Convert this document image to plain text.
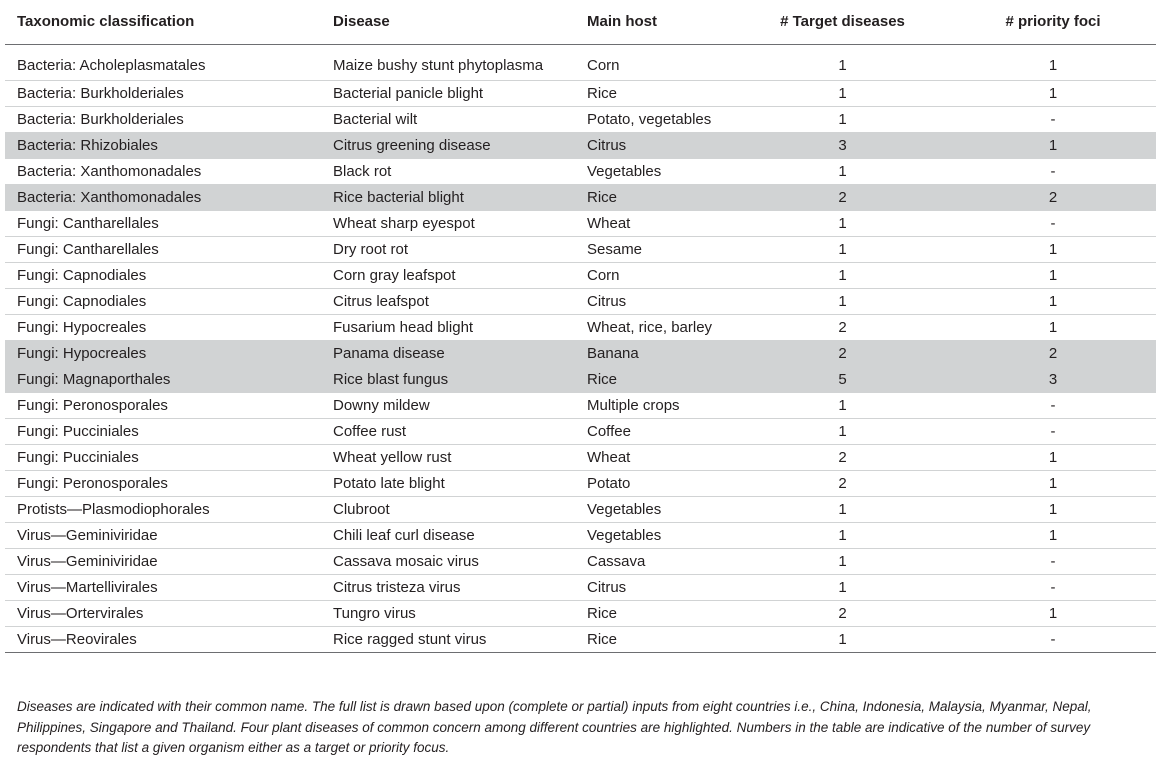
Taxonomic classification	Disease	Main host	# Target diseases	# priority foci
Bacteria: Acholeplasmatales	Maize bushy stunt phytoplasma	Corn	1	1
Bacteria: Burkholderiales	Bacterial panicle blight	Rice	1	1
Bacteria: Burkholderiales	Bacterial wilt	Potato, vegetables	1	-
Bacteria: Rhizobiales	Citrus greening disease	Citrus	3	1
Bacteria: Xanthomonadales	Black rot	Vegetables	1	-
Bacteria: Xanthomonadales	Rice bacterial blight	Rice	2	2
Fungi: Cantharellales	Wheat sharp eyespot	Wheat	1	-
Fungi: Cantharellales	Dry root rot	Sesame	1	1
Fungi: Capnodiales	Corn gray leafspot	Corn	1	1
Fungi: Capnodiales	Citrus leafspot	Citrus	1	1
Fungi: Hypocreales	Fusarium head blight	Wheat, rice, barley	2	1
Fungi: Hypocreales	Panama disease	Banana	2	2
Fungi: Magnaporthales	Rice blast fungus	Rice	5	3
Fungi: Peronosporales	Downy mildew	Multiple crops	1	-
Fungi: Pucciniales	Coffee rust	Coffee	1	-
Fungi: Pucciniales	Wheat yellow rust	Wheat	2	1
Fungi: Peronosporales	Potato late blight	Potato	2	1
Protists—Plasmodiophorales	Clubroot	Vegetables	1	1
Virus—Geminiviridae	Chili leaf curl disease	Vegetables	1	1
Virus—Geminiviridae	Cassava mosaic virus	Cassava	1	-
Virus—Martellivirales	Citrus tristeza virus	Citrus	1	-
Virus—Ortervirales	Tungro virus	Rice	2	1
Virus—Reovirales	Rice ragged stunt virus	Rice	1	-

Diseases are indicated with their common name. The full list is drawn based upon (complete or partial) inputs from eight countries i.e., China, Indonesia, Malaysia, Myanmar, Nepal, Philippines, Singapore and Thailand. Four plant diseases of common concern among different countries are highlighted. Numbers in the table are indicative of the number of survey respondents that list a given organism either as a target or priority focus.
